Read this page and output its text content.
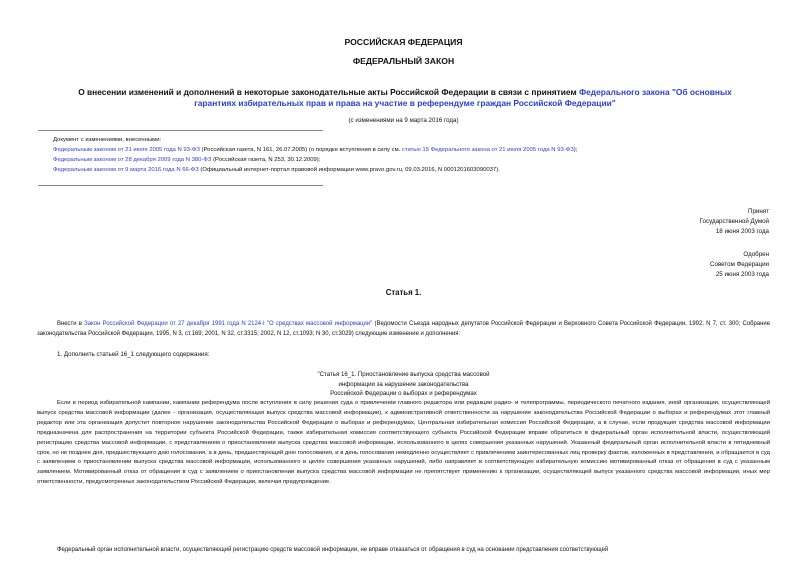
РОССИЙСКАЯ ФЕДЕРАЦИЯ
ФЕДЕРАЛЬНЫЙ ЗАКОН
О внесении изменений и дополнений в некоторые законодательные акты Российской Федерации в связи с принятием Федерального закона "Об основных гарантиях избирательных прав и права на участие в референдуме граждан Российской Федерации"
(с изменениями на 9 марта 2016 года)
Документ с изменениями, внесенными:
Федеральным законом от 21 июля 2005 года N 93-ФЗ (Российская газета, N 161, 26.07.2005) (о порядке вступления в силу см. статью 15 Федерального закона от 21 июля 2005 года N 93-ФЗ);
Федеральным законом от 28 декабря 2009 года N 380-ФЗ (Российская газета, N 253, 30.12.2009);
Федеральным законом от 9 марта 2016 года N 66-ФЗ (Официальный интернет-портал правовой информации www.pravo.gov.ru, 09.03.2016, N 0001201603090037).
Принят
Государственной Думой
18 июня 2003 года
Одобрен
Советом Федерации
25 июня 2003 года
Статья 1.
Внести в Закон Российской Федерации от 27 декабря 1991 года N 2124-I "О средствах массовой информации" (Ведомости Съезда народных депутатов Российской Федерации и Верховного Совета Российской Федерации, 1992, N 7, ст. 300; Собрание законодательства Российской Федерации, 1995, N 3, ст.169; 2001, N 32, ст.3315; 2002, N 12, ст.1093; N 30, ст.3029) следующие изменение и дополнения:
1. Дополнить статьей 16_1 следующего содержания:
"Статья 16_1. Приостановление выпуска средства массовой
информации за нарушение законодательства
Российской Федерации о выборах и референдумах
Если в период избирательной кампании, кампании референдума после вступления в силу решения суда о привлечении главного редактора или редакции радио- и телепрограммы, периодического печатного издания, иной организации, осуществляющей выпуск средства массовой информации (далее - организация, осуществляющая выпуск средства массовой информации), к административной ответственности за нарушение законодательства Российской Федерации о выборах и референдумах этот главный редактор или эта организация допустит повторное нарушение законодательства Российской Федерации о выборах и референдумах, Центральная избирательная комиссия Российской Федерации, а в случае, если продукция средства массовой информации предназначена для распространения на территории субъекта Российской Федерации, также избирательная комиссия соответствующего субъекта Российской Федерации вправе обратиться в федеральный орган исполнительной власти, осуществляющий регистрацию средства массовой информации, с представлением о приостановлении выпуска средства массовой информации, использованного в целях совершения указанных нарушений. Указанный федеральный орган исполнительной власти в пятидневный срок, но не позднее дня, предшествующего дню голосования, а в день, предшествующий дню голосования, и в день голосования немедленно осуществляет с привлечением заинтересованных лиц проверку фактов, изложенных в представлении, и обращается в суд с заявлением о приостановлении выпуска средства массовой информации, использованного в целях совершения указанных нарушений, либо направляет в соответствующую избирательную комиссию мотивированный отказ от обращения в суд с указанным заявлением. Мотивированный отказ от обращения в суд с заявлением о приостановлении выпуска средства массовой информации не препятствует применению к организации, осуществляющей выпуск указанного средства массовой информации, иных мер ответственности, предусмотренных законодательством Российской Федерации, включая предупреждение.
Федеральный орган исполнительной власти, осуществляющий регистрацию средств массовой информации, не вправе отказаться от обращения в суд на основании представления соответствующей
